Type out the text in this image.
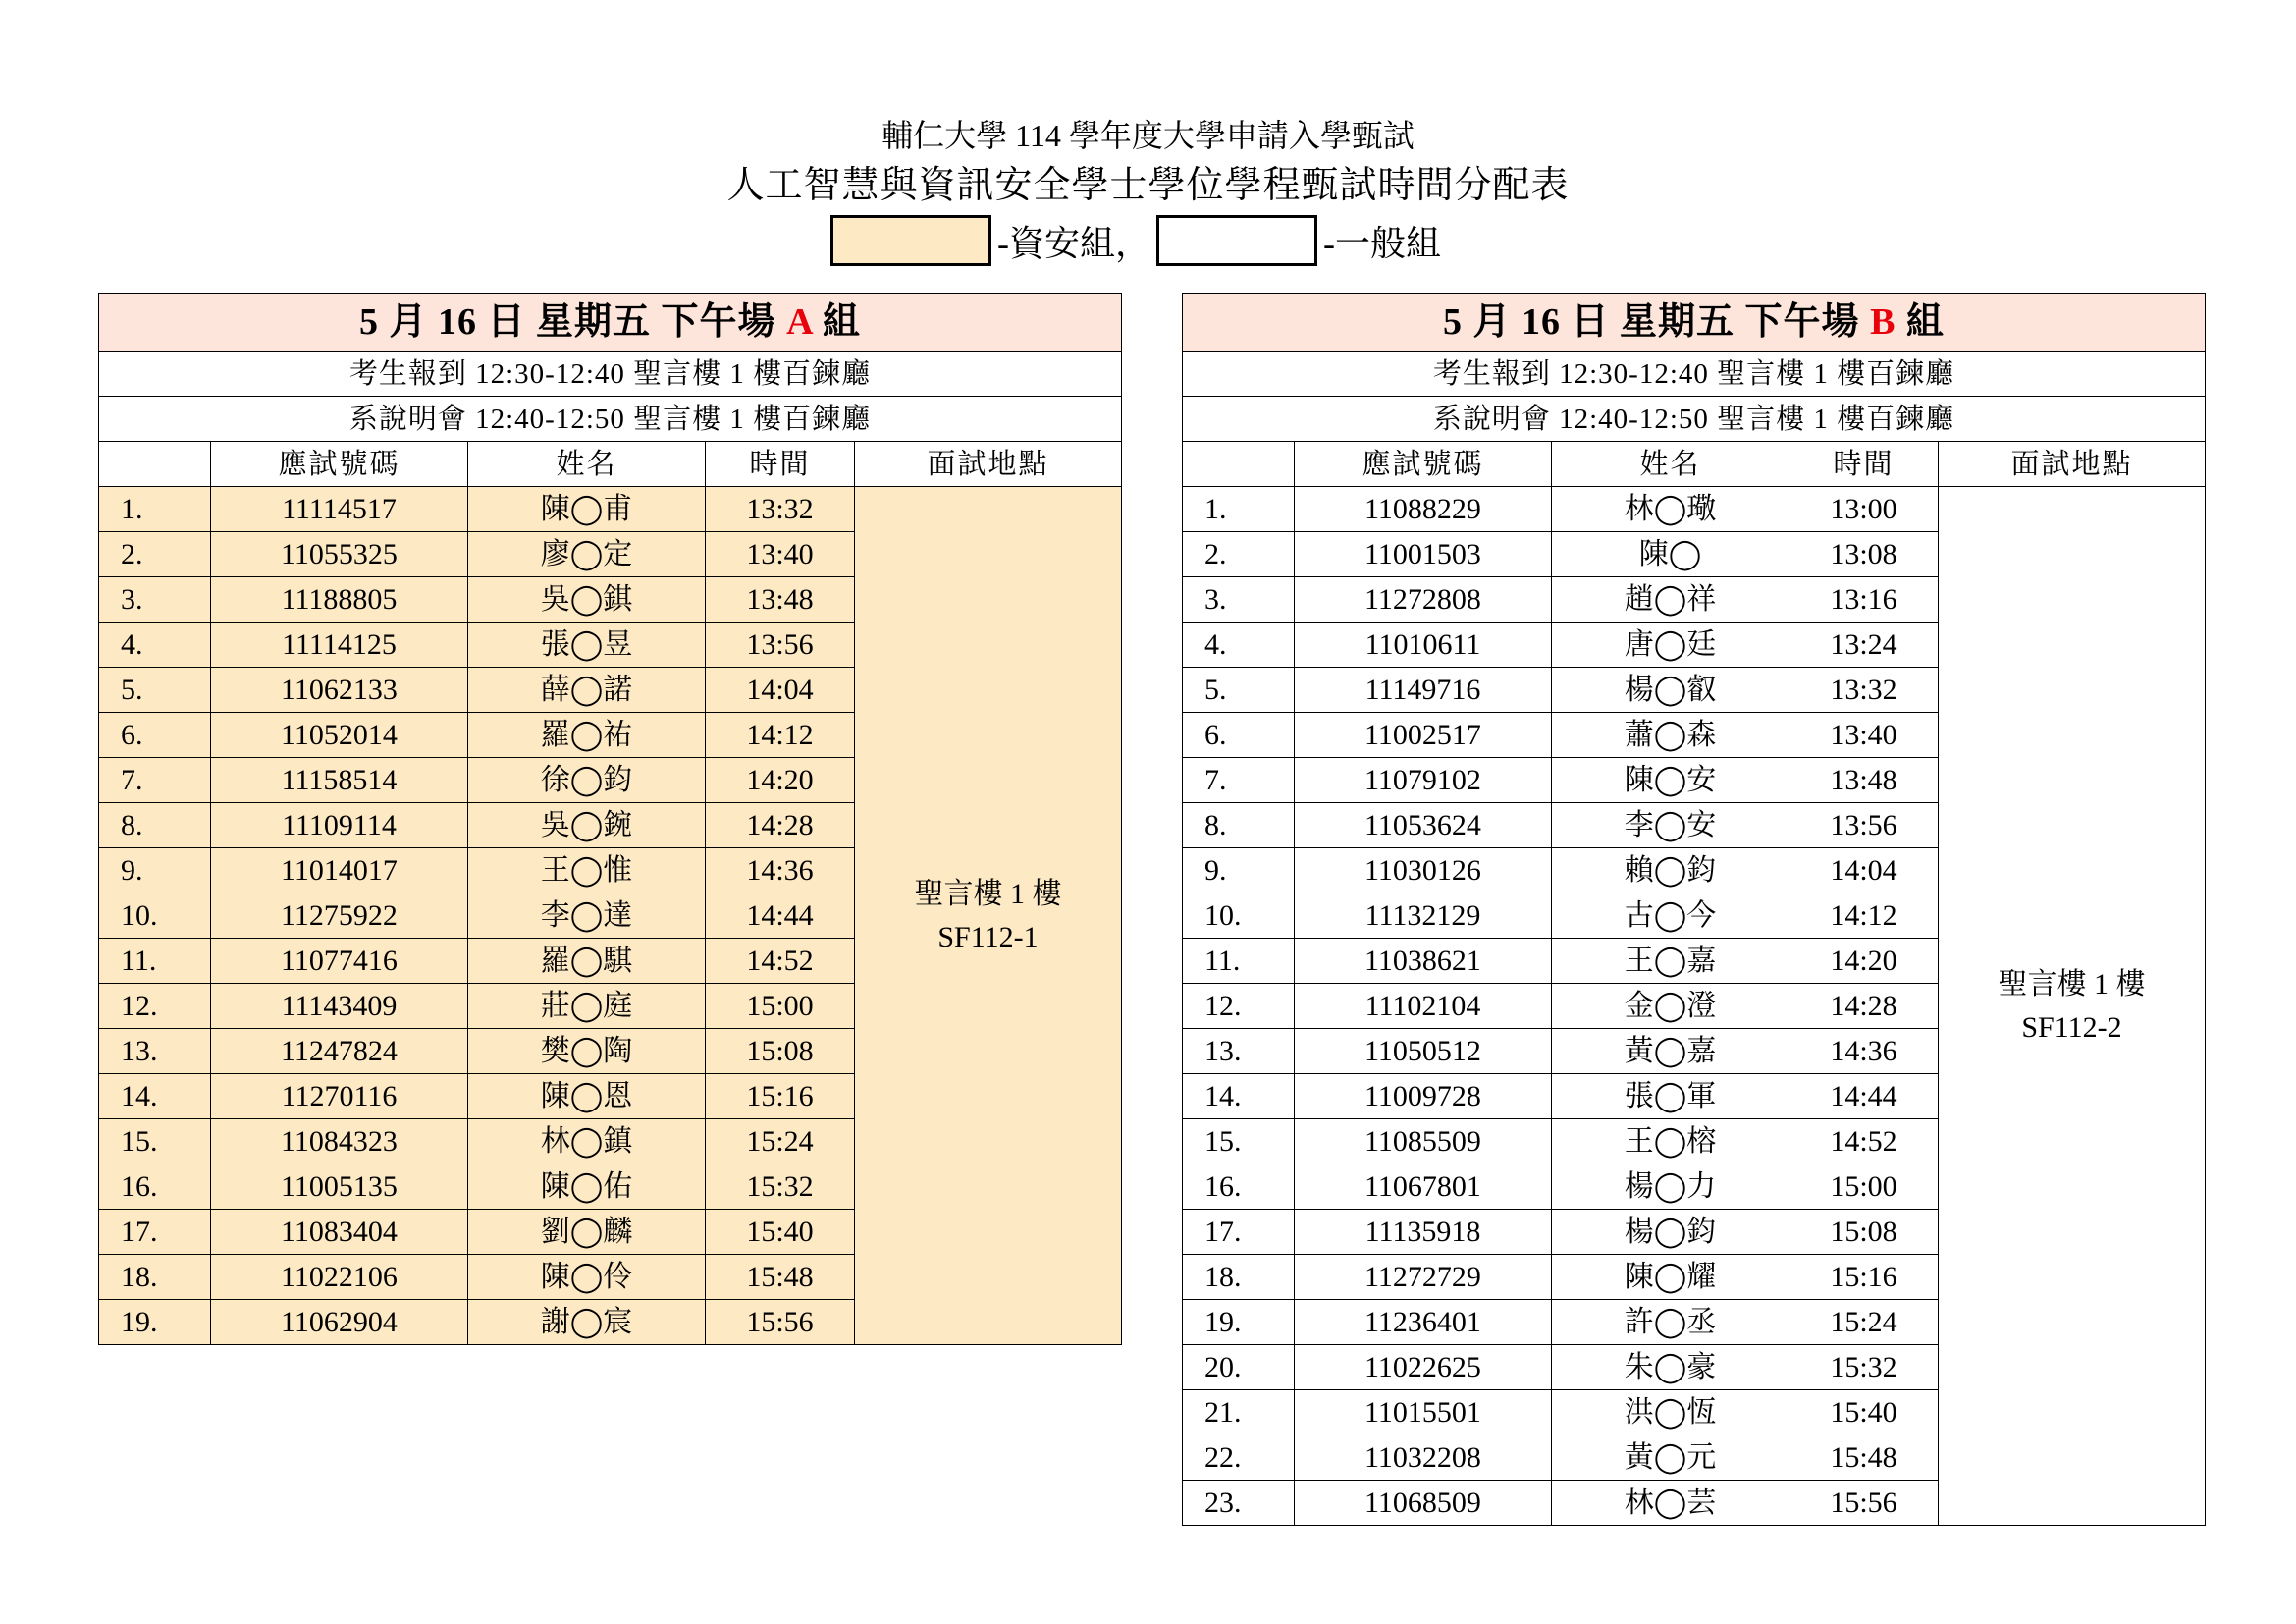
輔仁大學 114 學年度大學申請入學甄試
人工智慧與資訊安全學士學位學程甄試時間分配表
-資安組，	-一般組
5 月 16 日 星期五 下午場 A 組				
考生報到 12:30-12:40 聖言樓 1 樓百鍊廳				
系說明會 12:40-12:50 聖言樓 1 樓百鍊廳				
	應試號碼	姓名	時間	面試地點
1.	11114517	陳◯甫	13:32	聖言樓 1 樓
SF112-1

2.	11055325	廖◯定	13:40	
3.	11188805	吳◯錤	13:48	
4.	11114125	張◯昱	13:56	
5.	11062133	薛◯諾	14:04	
6.	11052014	羅◯祐	14:12	
7.	11158514	徐◯鈞	14:20	
8.	11109114	吳◯鋺	14:28	
9.	11014017	王◯惟	14:36	
10.	11275922	李◯達	14:44	
11.	11077416	羅◯騏	14:52	
12.	11143409	莊◯庭	15:00	
13.	11247824	樊◯陶	15:08	
14.	11270116	陳◯恩	15:16	
15.	11084323	林◯鎮	15:24	
16.	11005135	陳◯佑	15:32	
17.	11083404	劉◯麟	15:40	
18.	11022106	陳◯伶	15:48	
19.	11062904	謝◯宸	15:56	
5 月 16 日 星期五 下午場 B 組				
考生報到 12:30-12:40 聖言樓 1 樓百鍊廳				
系說明會 12:40-12:50 聖言樓 1 樓百鍊廳				
	應試號碼	姓名	時間	面試地點
1.	11088229	林◯璥	13:00	聖言樓 1 樓
SF112-2

2.	11001503	陳◯	13:08	
3.	11272808	趙◯祥	13:16	
4.	11010611	唐◯廷	13:24	
5.	11149716	楊◯叡	13:32	
6.	11002517	蕭◯森	13:40	
7.	11079102	陳◯安	13:48	
8.	11053624	李◯安	13:56	
9.	11030126	賴◯鈞	14:04	
10.	11132129	古◯今	14:12	
11.	11038621	王◯嘉	14:20	
12.	11102104	金◯澄	14:28	
13.	11050512	黃◯嘉	14:36	
14.	11009728	張◯軍	14:44	
15.	11085509	王◯榕	14:52	
16.	11067801	楊◯力	15:00	
17.	11135918	楊◯鈞	15:08	
18.	11272729	陳◯耀	15:16	
19.	11236401	許◯丞	15:24	
20.	11022625	朱◯豪	15:32	
21.	11015501	洪◯恆	15:40	
22.	11032208	黃◯元	15:48	
23.	11068509	林◯芸	15:56	
